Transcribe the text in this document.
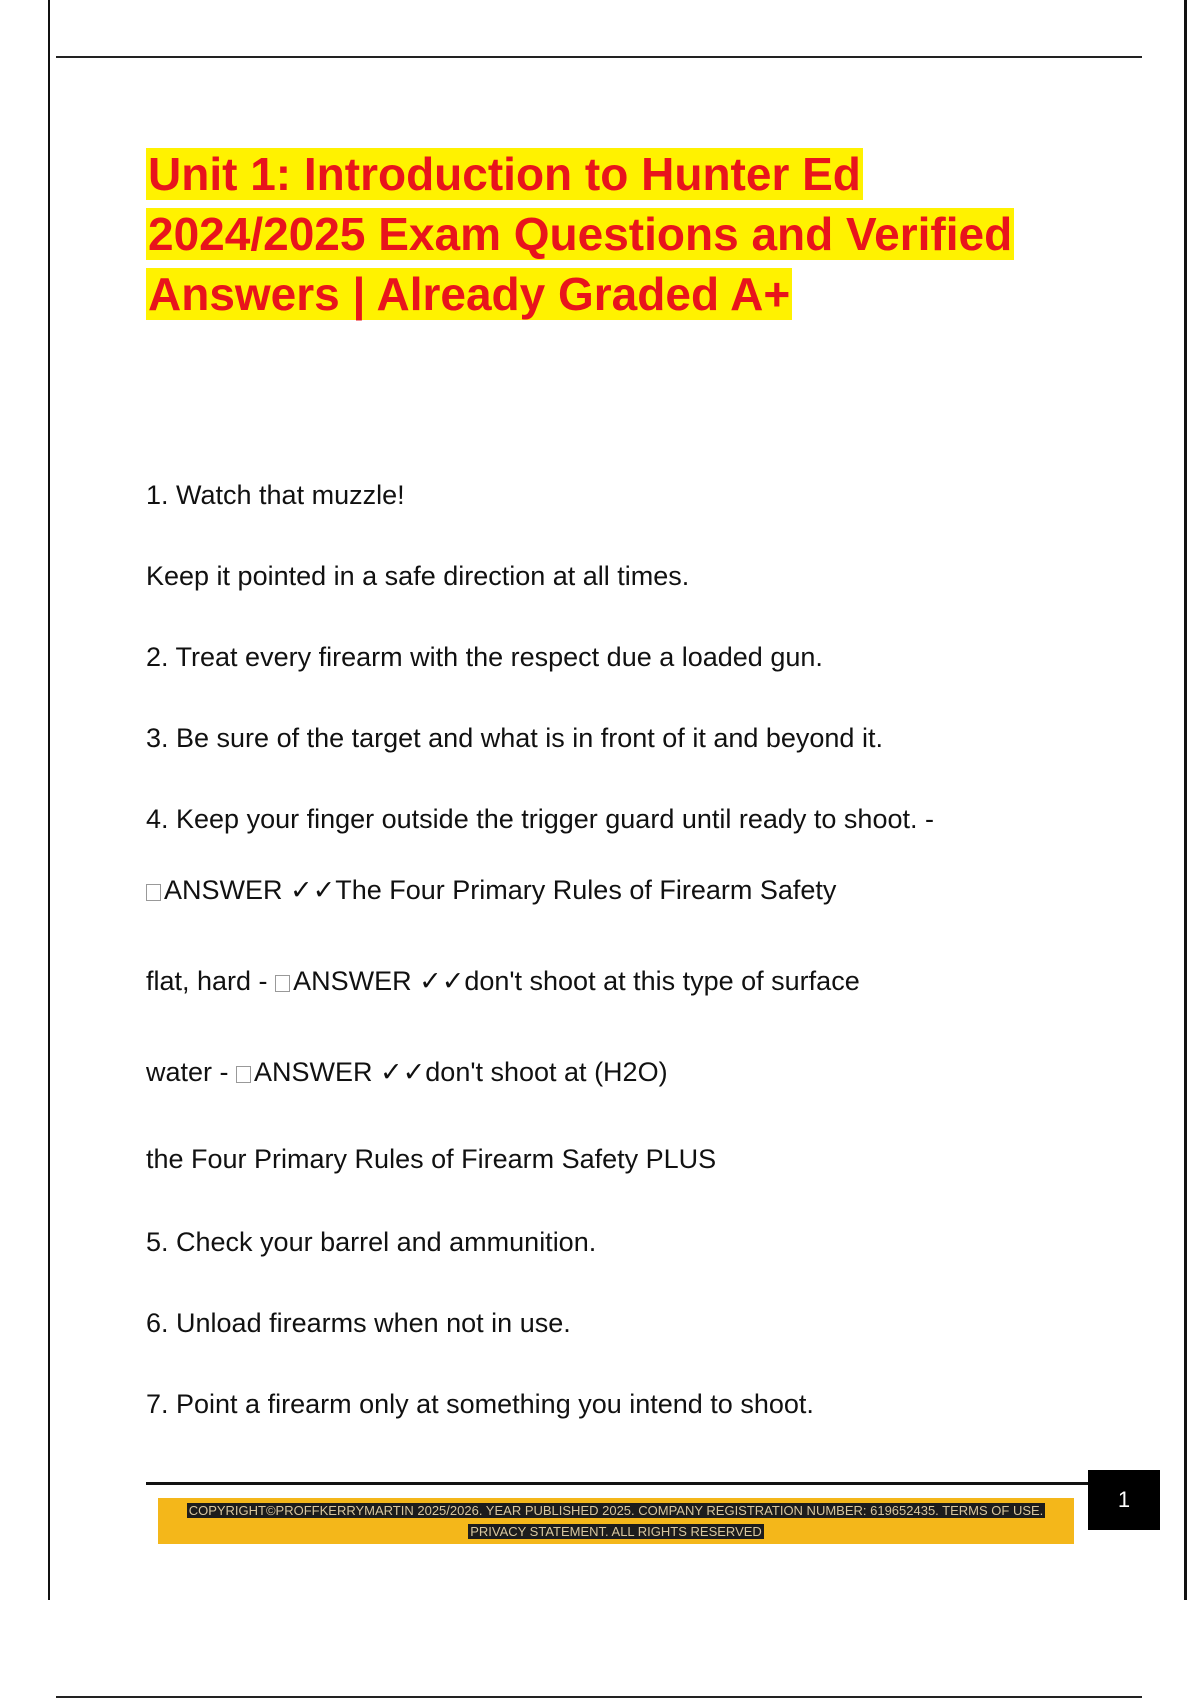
Unit 1: Introduction to Hunter Ed
2024/2025 Exam Questions and Verified
Answers | Already Graded A+
1. Watch that muzzle!
Keep it pointed in a safe direction at all times.
2. Treat every firearm with the respect due a loaded gun.
3. Be sure of the target and what is in front of it and beyond it.
4. Keep your finger outside the trigger guard until ready to shoot. -
ANSWER ✓✓The Four Primary Rules of Firearm Safety
flat, hard - ANSWER ✓✓don't shoot at this type of surface
water - ANSWER ✓✓don't shoot at (H2O)
the Four Primary Rules of Firearm Safety PLUS
5. Check your barrel and ammunition.
6. Unload firearms when not in use.
7. Point a firearm only at something you intend to shoot.
COPYRIGHT©PROFFKERRYMARTIN 2025/2026. YEAR PUBLISHED 2025. COMPANY REGISTRATION NUMBER: 619652435. TERMS OF USE.
PRIVACY STATEMENT. ALL RIGHTS RESERVED
1
